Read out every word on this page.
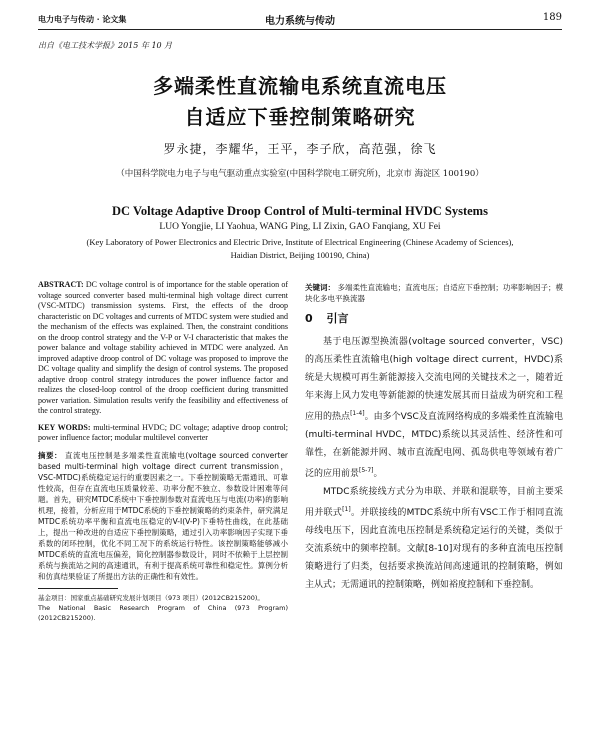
电力电子与传动 · 论文集	电力系统与传动	189
出自《电工技术学报》2015 年 10 月
多端柔性直流输电系统直流电压
自适应下垂控制策略研究
罗永捷，李耀华，王平，李子欣，高范强，徐飞
（中国科学院电力电子与电气驱动重点实验室(中国科学院电工研究所)，北京市 海淀区 100190）
DC Voltage Adaptive Droop Control of Multi-terminal HVDC Systems
LUO Yongjie, LI Yaohua, WANG Ping, LI Zixin, GAO Fanqiang, XU Fei
(Key Laboratory of Power Electronics and Electric Drive, Institute of Electrical Engineering (Chinese Academy of Sciences),
Haidian District, Beijing 100190, China)

ABSTRACT: DC voltage control is of importance for the stable operation of voltage sourced converter based multi-terminal high voltage direct current (VSC-MTDC) transmission systems. First, the effects of the droop characteristic on DC voltages and currents of MTDC system were studied and the mechanism of the effects was explained. Then, the constraint conditions on the droop control strategy and the V-P or V-I characteristic that makes the power balance and voltage stability achieved in MTDC were analyzed. An improved adaptive droop control of DC voltage was proposed to improve the DC voltage quality and simplify the design of control systems. The proposed adaptive droop control strategy introduces the power influence factor and realizes the closed-loop control of the droop coefficient during transmitted power variation. Simulation results verify the feasibility and effectiveness of the control strategy.

KEY WORDS: multi-terminal HVDC; DC voltage; adaptive droop control; power influence factor; modular multilevel converter

摘要： 直流电压控制是多端柔性直流输电(voltage sourced converter based multi-terminal high voltage direct current transmission，VSC-MTDC)系统稳定运行的重要因素之一。下垂控制策略无需通讯、可靠性较高，但存在直流电压质量较差、功率分配不独立、参数设计困难等问题。首先，研究MTDC系统中下垂控制参数对直流电压与电流(功率)的影响机理，接着，分析应用于MTDC系统的下垂控制策略的约束条件，研究满足MTDC系统功率平衡和直流电压稳定的V-I(V-P)下垂特性曲线，在此基础上，提出一种改进的自适应下垂控制策略，通过引入功率影响因子实现下垂系数的闭环控制，优化不同工况下的系统运行特性。该控制策略能够减小MTDC系统的直流电压偏差，简化控制器参数设计，同时不依赖于上层控制系统与换流站之间的高速通讯，有利于提高系统可靠性和稳定性。算例分析和仿真结果验证了所提出方法的正确性和有效性。

基金项目：国家重点基础研究发展计划项目（973 项目）(2012CB215200)。
The National Basic Research Program of China (973 Program) (2012CB215200).

关键词： 多端柔性直流输电；直流电压；自适应下垂控制；功率影响因子；模块化多电平换流器

0 引言

基于电压源型换流器(voltage sourced converter，VSC)的高压柔性直流输电(high voltage direct current，HVDC)系统是大规模可再生新能源接入交流电网的关键技术之一，随着近年来海上风力发电等新能源的快速发展其而日益成为研究和工程应用的热点[1-4]。由多个VSC及直流网络构成的多端柔性直流输电(multi-terminal HVDC，MTDC)系统以其灵活性、经济性和可靠性，在新能源并网、城市直流配电网、孤岛供电等领域有着广泛的应用前景[5-7]。

MTDC系统接线方式分为串联、并联和混联等，目前主要采用并联式[1]。并联接线的MTDC系统中所有VSC工作于相同直流母线电压下，因此直流电压控制是系统稳定运行的关键，类似于交流系统中的频率控制。文献[8-10]对现有的多种直流电压控制策略进行了归类，包括要求换流站间高速通讯的控制策略，例如主从式；无需通讯的控制策略，例如裕度控制和下垂控制。
